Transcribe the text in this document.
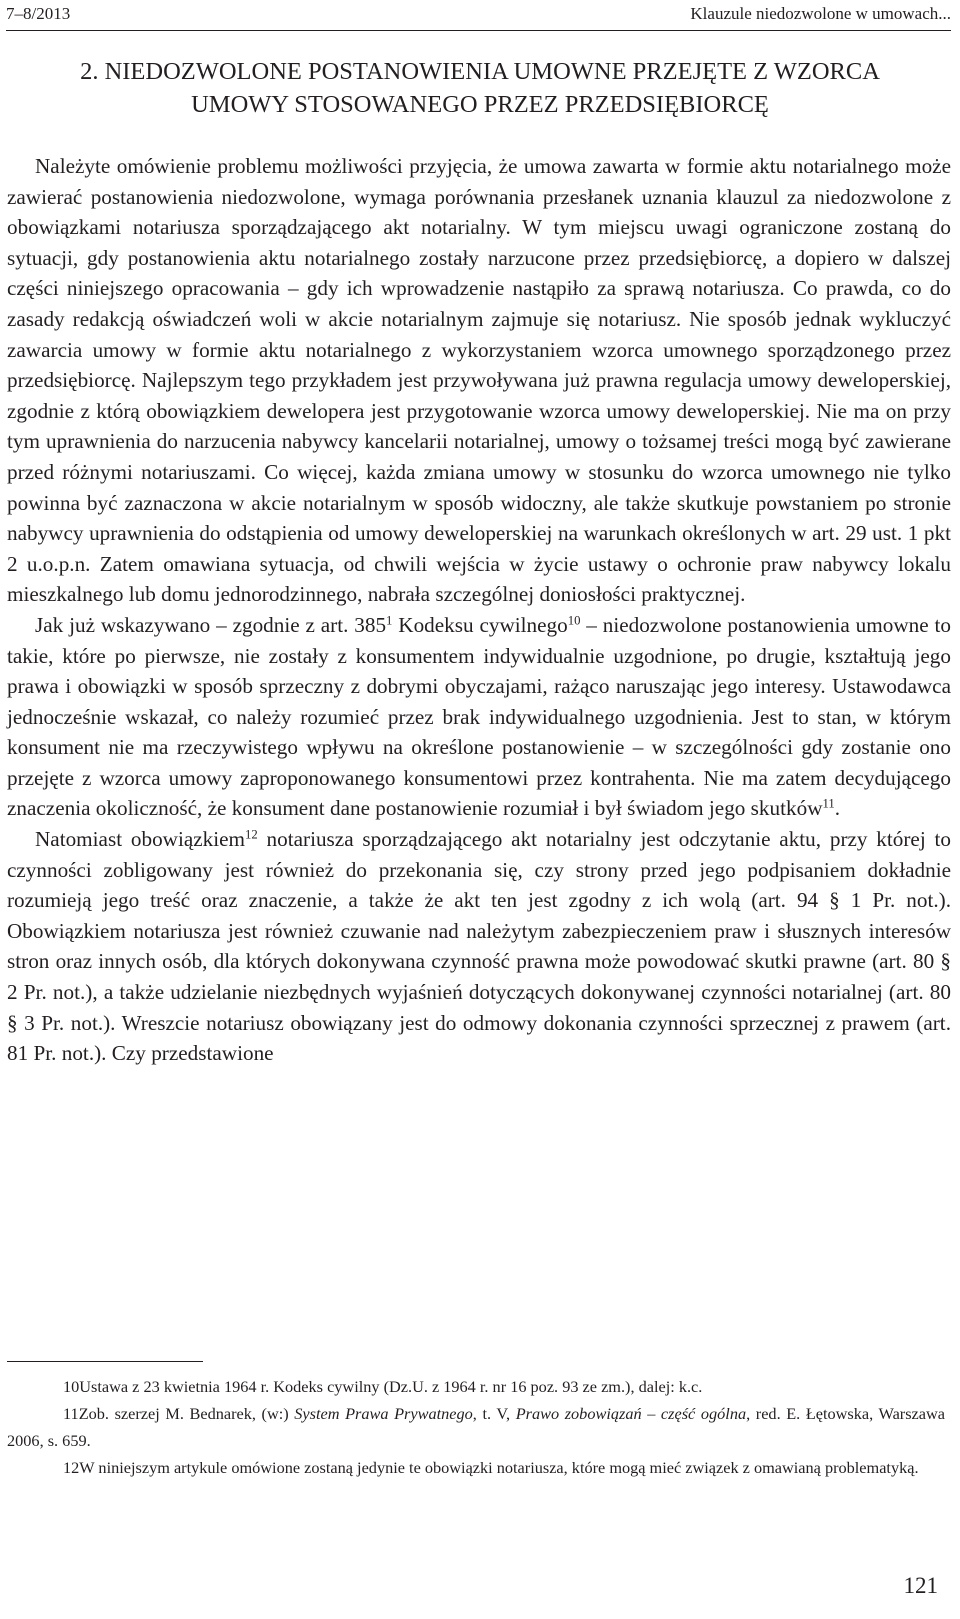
7–8/2013	Klauzule niedozwolone w umowach...
2. NIEDOZWOLONE POSTANOWIENIA UMOWNE PRZEJĘTE Z WZORCA
UMOWY STOSOWANEGO PRZEZ PRZEDSIĘBIORCĘ

Należyte omówienie problemu możliwości przyjęcia, że umowa zawarta w formie aktu notarialnego może zawierać postanowienia niedozwolone, wymaga porównania przesłanek uznania klauzul za niedozwolone z obowiązkami notariusza sporządzającego akt notarialny. W tym miejscu uwagi ograniczone zostaną do sytuacji, gdy postanowienia aktu notarialnego zostały narzucone przez przedsiębiorcę, a dopiero w dalszej części niniejszego opracowania – gdy ich wprowadzenie nastąpiło za sprawą notariusza. Co prawda, co do zasady redakcją oświadczeń woli w akcie notarialnym zajmuje się notariusz. Nie sposób jednak wykluczyć zawarcia umowy w formie aktu notarialnego z wykorzystaniem wzorca umownego sporządzonego przez przedsiębiorcę. Najlepszym tego przykładem jest przywoływana już prawna regulacja umowy deweloperskiej, zgodnie z którą obowiązkiem dewelopera jest przygotowanie wzorca umowy deweloperskiej. Nie ma on przy tym uprawnienia do narzucenia nabywcy kancelarii notarialnej, umowy o tożsamej treści mogą być zawierane przed różnymi notariuszami. Co więcej, każda zmiana umowy w stosunku do wzorca umownego nie tylko powinna być zaznaczona w akcie notarialnym w sposób widoczny, ale także skutkuje powstaniem po stronie nabywcy uprawnienia do odstąpienia od umowy deweloperskiej na warunkach określonych w art. 29 ust. 1 pkt 2 u.o.p.n. Zatem omawiana sytuacja, od chwili wejścia w życie ustawy o ochronie praw nabywcy lokalu mieszkalnego lub domu jednorodzinnego, nabrała szczególnej doniosłości praktycznej.

Jak już wskazywano – zgodnie z art. $385^1$ Kodeksu cywilnego$^{10}$ – niedozwolone postanowienia umowne to takie, które po pierwsze, nie zostały z konsumentem indywidualnie uzgodnione, po drugie, kształtują jego prawa i obowiązki w sposób sprzeczny z dobrymi obyczajami, rażąco naruszając jego interesy. Ustawodawca jednocześnie wskazał, co należy rozumieć przez brak indywidualnego uzgodnienia. Jest to stan, w którym konsument nie ma rzeczywistego wpływu na określone postanowienie – w szczególności gdy zostanie ono przejęte z wzorca umowy zaproponowanego konsumentowi przez kontrahenta. Nie ma zatem decydującego znaczenia okoliczność, że konsument dane postanowienie rozumiał i był świadom jego skutków$^{11}$.

Natomiast obowiązkiem$^{12}$ notariusza sporządzającego akt notarialny jest odczytanie aktu, przy której to czynności zobligowany jest również do przekonania się, czy strony przed jego podpisaniem dokładnie rozumieją jego treść oraz znaczenie, a także że akt ten jest zgodny z ich wolą (art. 94 § 1 Pr. not.). Obowiązkiem notariusza jest również czuwanie nad należytym zabezpieczeniem praw i słusznych interesów stron oraz innych osób, dla których dokonywana czynność prawna może powodować skutki prawne (art. 80 § 2 Pr. not.), a także udzielanie niezbędnych wyjaśnień dotyczących dokonywanej czynności notarialnej (art. 80 § 3 Pr. not.). Wreszcie notariusz obowiązany jest do odmowy dokonania czynności sprzecznej z prawem (art. 81 Pr. not.). Czy przedstawione

10Ustawa z 23 kwietnia 1964 r. Kodeks cywilny (Dz.U. z 1964 r. nr 16 poz. 93 ze zm.), dalej: k.c.

11Zob. szerzej M. Bednarek, (w:) System Prawa Prywatnego, t. V, Prawo zobowiązań – część ogólna, red. E. Łętowska, Warszawa 2006, s. 659.

12W niniejszym artykule omówione zostaną jedynie te obowiązki notariusza, które mogą mieć związek z omawianą problematyką.

121
